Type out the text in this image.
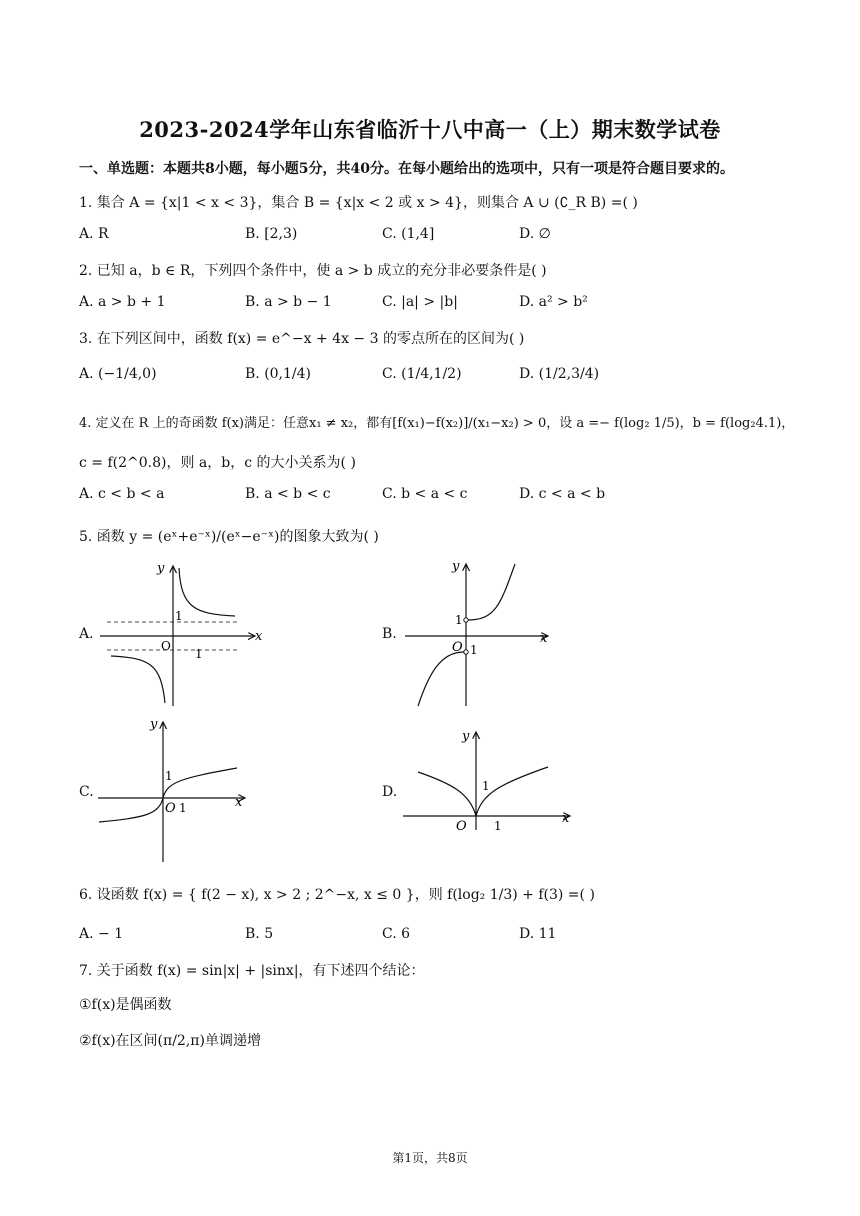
2023-2024学年山东省临沂十八中高一（上）期末数学试卷
一、单选题：本题共8小题，每小题5分，共40分。在每小题给出的选项中，只有一项是符合题目要求的。
1. 集合 A = {x|1 < x < 3}，集合 B = {x|x < 2 或 x > 4}，则集合 A ∪ (∁_R B) =( )
A. R	B. [2,3)	C. (1,4]	D. ∅
2. 已知 a，b ∈ R，下列四个条件中，使 a > b 成立的充分非必要条件是( )
A. a > b + 1	B. a > b − 1	C. |a| > |b|	D. a² > b²
3. 在下列区间中，函数 f(x) = e^−x + 4x − 3 的零点所在的区间为( )
A. (−1/4,0)	B. (0,1/4)	C. (1/4,1/2)	D. (1/2,3/4)
4. 定义在 R 上的奇函数 f(x)满足：任意x₁ ≠ x₂，都有[f(x₁)−f(x₂)]/(x₁−x₂) > 0，设 a =− f(log₂ 1/5)，b = f(log₂4.1)，
c = f(2^0.8)，则 a，b，c 的大小关系为( )
A. c < b < a	B. a < b < c	C. b < a < c	D. c < a < b
5. 函数 y = (eˣ+e⁻ˣ)/(eˣ−e⁻ˣ)的图象大致为( )
A.	B.
C.	D.
x
y
1
O
1
x
y
1
O 1
x
y
1
O 1
x
y
1
O 1
6. 设函数 f(x) = { f(2 − x), x > 2 ; 2^−x, x ≤ 0 }，则 f(log₂ 1/3) + f(3) =( )
A. − 1	B. 5	C. 6	D. 11
7. 关于函数 f(x) = sin|x| + |sinx|，有下述四个结论：
①f(x)是偶函数
②f(x)在区间(π/2,π)单调递增
第1页，共8页
